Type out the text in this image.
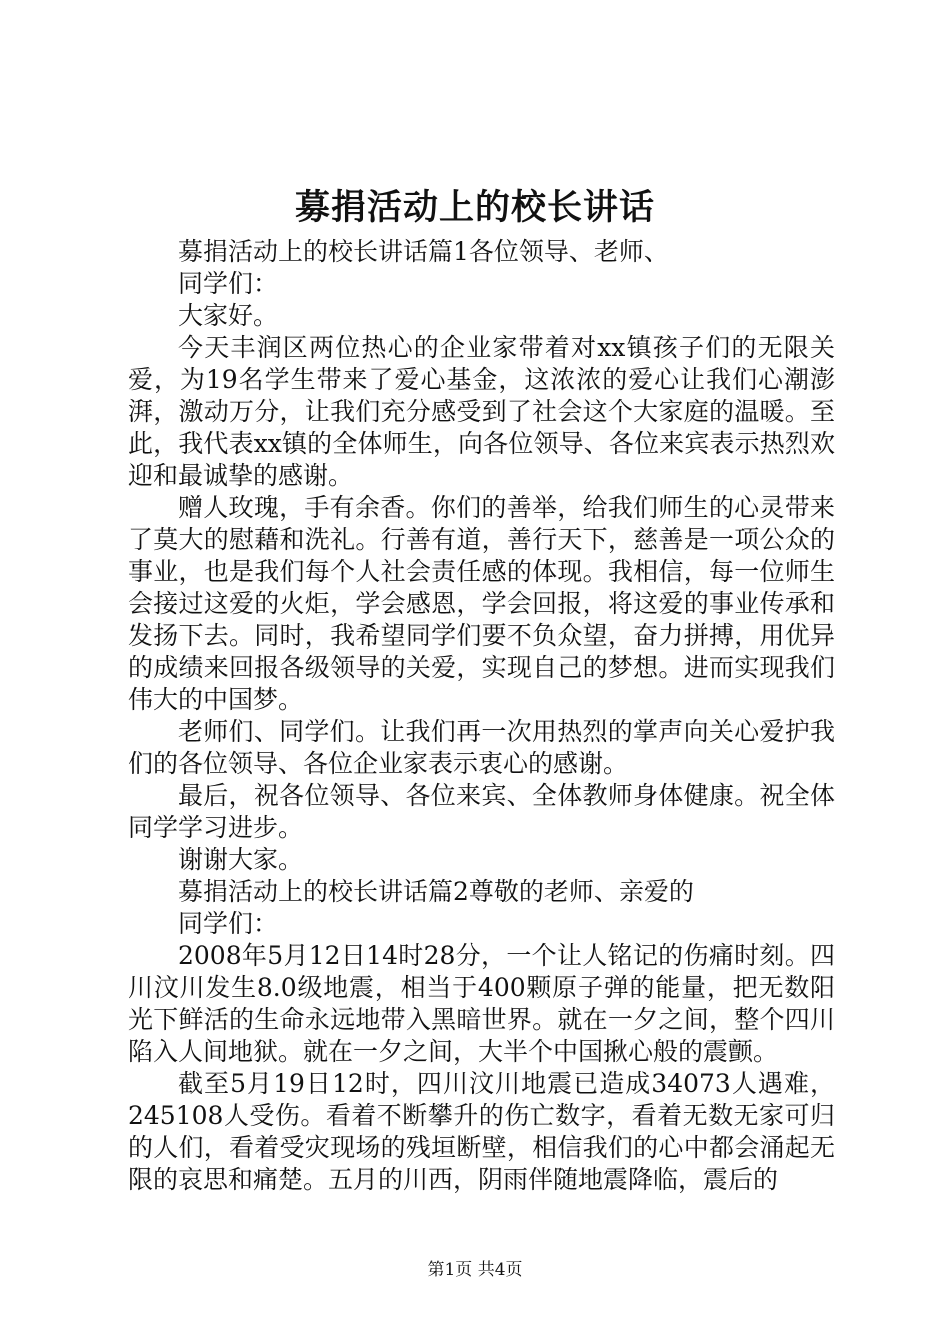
募捐活动上的校长讲话

募捐活动上的校长讲话篇1各位领导、老师、

同学们：

大家好。

今天丰润区两位热心的企业家带着对xx镇孩子们的无限关爱，为19名学生带来了爱心基金，这浓浓的爱心让我们心潮澎湃，激动万分，让我们充分感受到了社会这个大家庭的温暖。至此，我代表xx镇的全体师生，向各位领导、各位来宾表示热烈欢迎和最诚挚的感谢。

赠人玫瑰，手有余香。你们的善举，给我们师生的心灵带来了莫大的慰藉和洗礼。行善有道，善行天下，慈善是一项公众的事业，也是我们每个人社会责任感的体现。我相信，每一位师生会接过这爱的火炬，学会感恩，学会回报，将这爱的事业传承和发扬下去。同时，我希望同学们要不负众望，奋力拼搏，用优异的成绩来回报各级领导的关爱，实现自己的梦想。进而实现我们伟大的中国梦。

老师们、同学们。让我们再一次用热烈的掌声向关心爱护我们的各位领导、各位企业家表示衷心的感谢。

最后，祝各位领导、各位来宾、全体教师身体健康。祝全体同学学习进步。

谢谢大家。

募捐活动上的校长讲话篇2尊敬的老师、亲爱的

同学们：

2008年5月12日14时28分，一个让人铭记的伤痛时刻。四川汶川发生8.0级地震，相当于400颗原子弹的能量，把无数阳光下鲜活的生命永远地带入黑暗世界。就在一夕之间，整个四川陷入人间地狱。就在一夕之间，大半个中国揪心般的震颤。

截至5月19日12时，四川汶川地震已造成34073人遇难，245108人受伤。看着不断攀升的伤亡数字，看着无数无家可归的人们，看着受灾现场的残垣断壁，相信我们的心中都会涌起无限的哀思和痛楚。五月的川西，阴雨伴随地震降临，震后的

第1页 共4页
